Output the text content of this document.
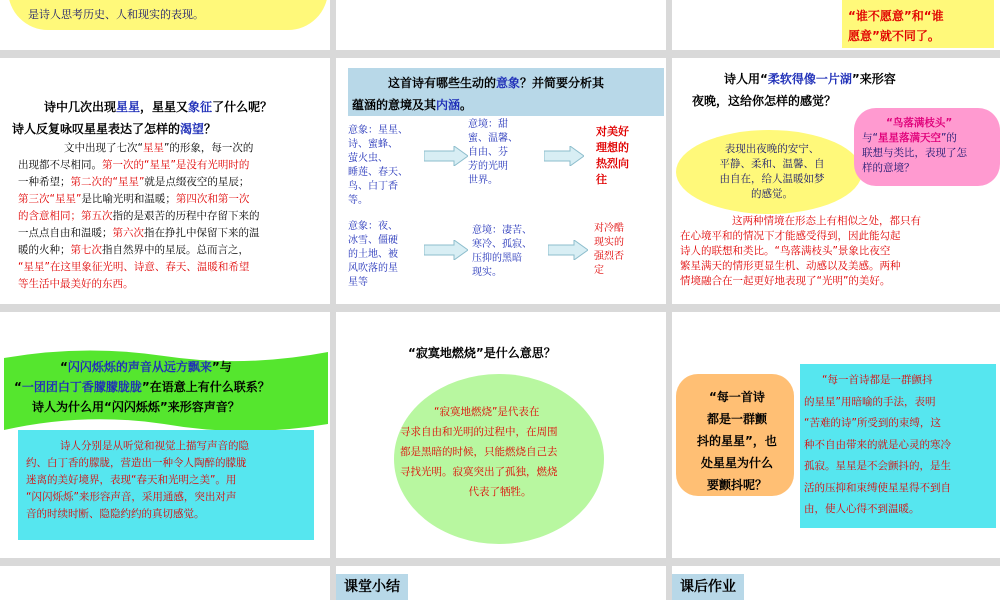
是诗人思考历史、人和现实的表现。	“谁不愿意”和“谁
愿意”就不同了。
诗中几次出现星星，星星又象征了什么呢？
诗人反复咏叹星星表达了怎样的渴望？
文中出现了七次“星星”的形象，每一次的
出现都不尽相同。第一次的“星星”是没有光明时的
一种希望；第二次的“星星”就是点缀夜空的星辰；
第三次“星星”是比喻光明和温暖；第四次和第一次
的含意相同；第五次指的是艰苦的历程中存留下来的
一点点自由和温暖；第六次指在挣扎中保留下来的温
暖的火种；第七次指自然界中的星辰。总而言之，
“星星”在这里象征光明、诗意、春天、温暖和希望
等生活中最美好的东西。
这首诗有哪些生动的意象？并简要分析其
蕴涵的意境及其内涵。
意象：星星、
诗、蜜蜂、
萤火虫、
睡莲、春天、
鸟、白丁香
等。
意境：甜
蜜、温馨、
自由、芬
芳的光明
世界。
对美好
理想的
热烈向
往
意象：夜、
冰雪、僵硬
的土地、被
风吹落的星
星等
意境：凄苦、
寒冷、孤寂、
压抑的黑暗
现实。
对冷酷
现实的
强烈否
定
诗人用“柔软得像一片湖”来形容
夜晚，这给你怎样的感觉？
表现出夜晚的安宁、
平静、柔和、温馨、自
由自在，给人温暖如梦
的感觉。
“鸟落满枝头”
与“星星落满天空”的
联想与类比，表现了怎
样的意境？
这两种情境在形态上有相似之处，都只有
在心境平和的情况下才能感受得到，因此能勾起
诗人的联想和类比。“鸟落满枝头”景象比夜空
繁星满天的情形更显生机、动感以及美感。两种
情境融合在一起更好地表现了“光明”的美好。
“闪闪烁烁的声音从远方飘来”与
“一团团白丁香朦朦胧胧”在语意上有什么联系？
诗人为什么用“闪闪烁烁”来形容声音？
诗人分别是从听觉和视觉上描写声音的隐
约、白丁香的朦胧，营造出一种令人陶醉的朦胧
迷离的美好境界，表现“春天和光明之美”。用
“闪闪烁烁”来形容声音，采用通感，突出对声
音的时续时断、隐隐约约的真切感觉。
“寂寞地燃烧”是什么意思？
“寂寞地燃烧”是代表在
寻求自由和光明的过程中，在周围
都是黑暗的时候，只能燃烧自己去
寻找光明。寂寞突出了孤独，燃烧
代表了牺牲。
“每一首诗
都是一群颤
抖的星星”，也
处星星为什么
要颤抖呢？
“每一首诗都是一群颤抖
的星星”用暗喻的手法，表明
“苦难的诗”所受到的束缚，这
种不自由带来的就是心灵的寒冷
孤寂。星星是不会颤抖的，是生
活的压抑和束缚使星星得不到自
由，使人心得不到温暖。
课堂小结	课后作业
